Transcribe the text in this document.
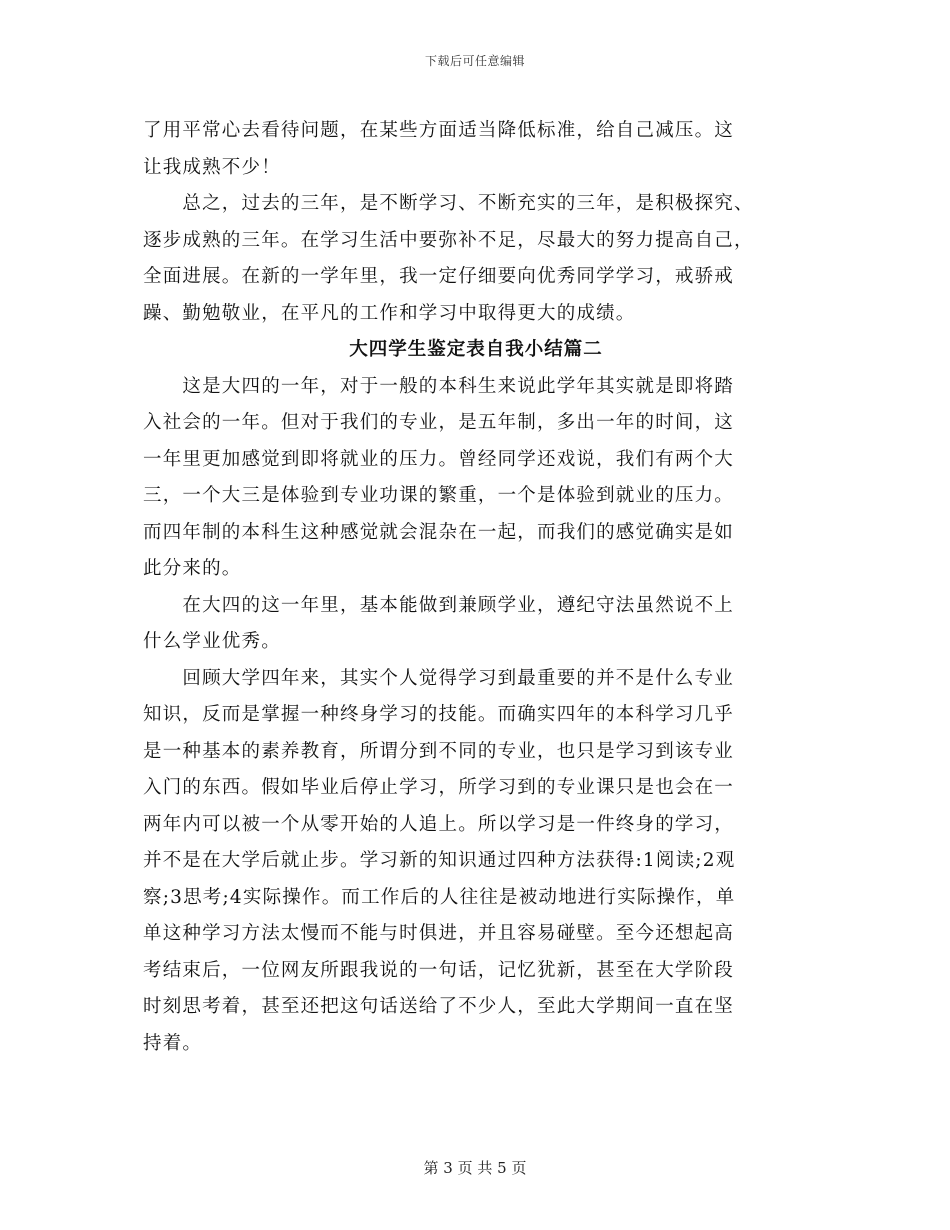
下载后可任意编辑
了用平常心去看待问题，在某些方面适当降低标准，给自己减压。这
让我成熟不少！
　　总之，过去的三年，是不断学习、不断充实的三年，是积极探究、
逐步成熟的三年。在学习生活中要弥补不足，尽最大的努力提高自己，
全面进展。在新的一学年里，我一定仔细要向优秀同学学习，戒骄戒
躁、勤勉敬业，在平凡的工作和学习中取得更大的成绩。
大四学生鉴定表自我小结篇二
　　这是大四的一年，对于一般的本科生来说此学年其实就是即将踏
入社会的一年。但对于我们的专业，是五年制，多出一年的时间，这
一年里更加感觉到即将就业的压力。曾经同学还戏说，我们有两个大
三，一个大三是体验到专业功课的繁重，一个是体验到就业的压力。
而四年制的本科生这种感觉就会混杂在一起，而我们的感觉确实是如
此分来的。
　　在大四的这一年里，基本能做到兼顾学业，遵纪守法虽然说不上
什么学业优秀。
　　回顾大学四年来，其实个人觉得学习到最重要的并不是什么专业
知识，反而是掌握一种终身学习的技能。而确实四年的本科学习几乎
是一种基本的素养教育，所谓分到不同的专业，也只是学习到该专业
入门的东西。假如毕业后停止学习，所学习到的专业课只是也会在一
两年内可以被一个从零开始的人追上。所以学习是一件终身的学习，
并不是在大学后就止步。学习新的知识通过四种方法获得:1阅读;2观
察;3思考;4实际操作。而工作后的人往往是被动地进行实际操作，单
单这种学习方法太慢而不能与时俱进，并且容易碰壁。至今还想起高
考结束后，一位网友所跟我说的一句话，记忆犹新，甚至在大学阶段
时刻思考着，甚至还把这句话送给了不少人，至此大学期间一直在坚
持着。
第 3 页 共 5 页
